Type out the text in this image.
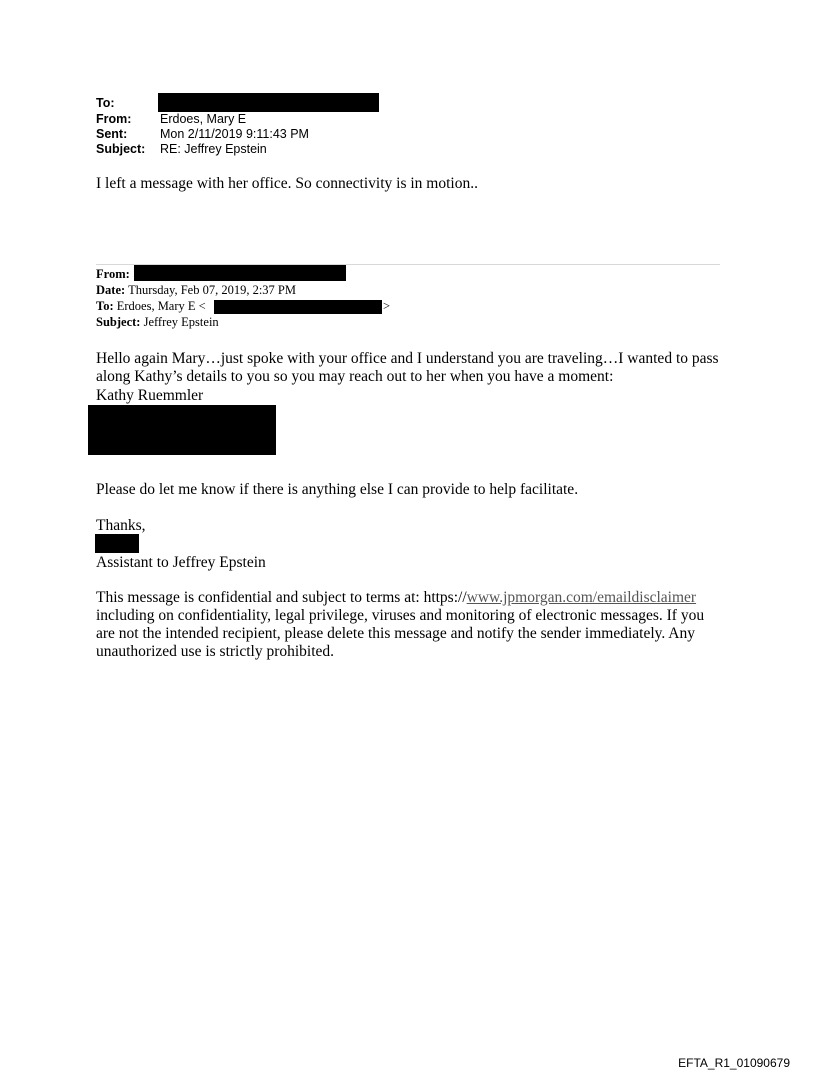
To:
From: Erdoes, Mary E
Sent:	Mon 2/11/2019 9:11:43 PM
Subject: RE: Jeffrey Epstein
I left a message with her office. So connectivity is in motion..
From:
Date: Thursday, Feb 07, 2019, 2:37 PM
To: Erdoes, Mary E <	>
Subject: Jeffrey Epstein
Hello again Mary…just spoke with your office and I understand you are traveling…I wanted to pass along Kathy’s details to you so you may reach out to her when you have a moment:
Kathy Ruemmler
Please do let me know if there is anything else I can provide to help facilitate.
Thanks,
Assistant to Jeffrey Epstein
This message is confidential and subject to terms at: https://www.jpmorgan.com/emaildisclaimer including on confidentiality, legal privilege, viruses and monitoring of electronic messages. If you are not the intended recipient, please delete this message and notify the sender immediately. Any unauthorized use is strictly prohibited.
EFTA_R1_01090679
